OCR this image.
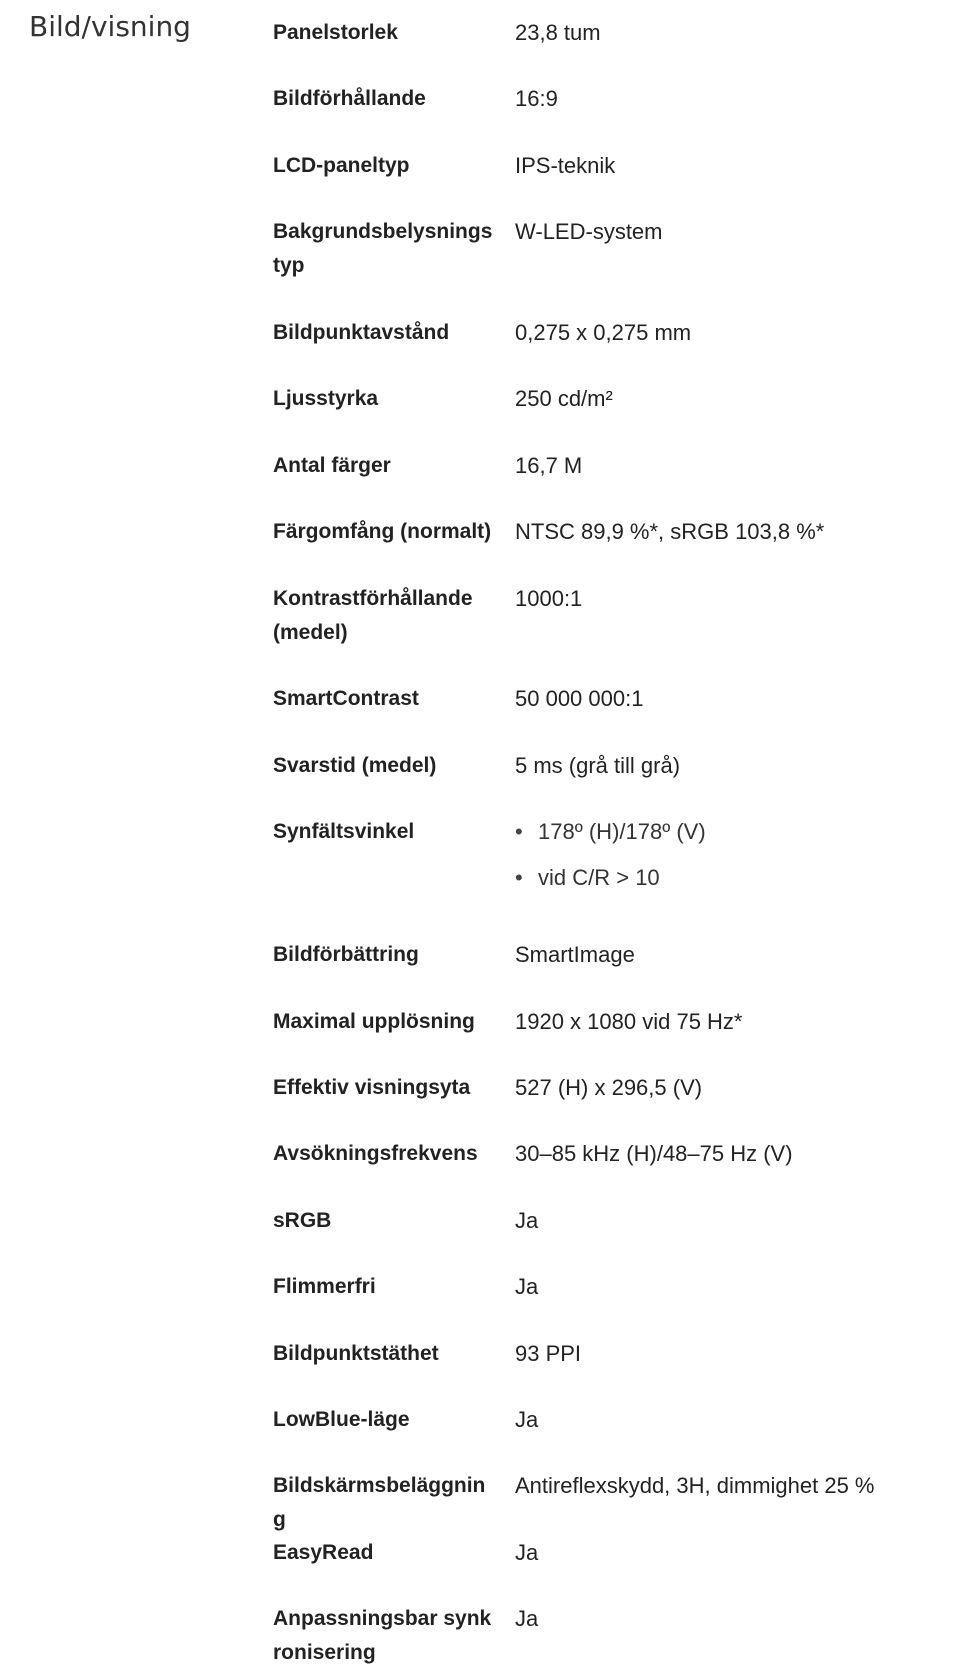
Bild/visning	Panelstorlek	23,8 tum
Bildförhållande	16:9
LCD-paneltyp	IPS-teknik
Bakgrundsbelysningstyp
W-LED-system
Bildpunktavstånd	0,275 x 0,275 mm
Ljusstyrka	250 cd/m²
Antal färger	16,7 M
Färgomfång (normalt)	NTSC 89,9 %*, sRGB 103,8 %*
Kontrastförhållande (medel)
1000:1
SmartContrast	50 000 000:1
Svarstid (medel)	5 ms (grå till grå)
Synfältsvinkel
•	178º (H)/178º (V)
• vid C/R > 10
Bildförbättring	SmartImage
Maximal upplösning	1920 x 1080 vid 75 Hz*
Effektiv visningsyta	527 (H) x 296,5 (V)
Avsökningsfrekvens	30–85 kHz (H)/48–75 Hz (V)
sRGB	Ja
Flimmerfri	Ja
Bildpunktstäthet	93 PPI
LowBlue-läge	Ja
Bildskärmsbeläggning
Antireflexskydd, 3H, dimmighet 25 %
EasyRead	Ja
Anpassningsbar synkronisering
Ja
